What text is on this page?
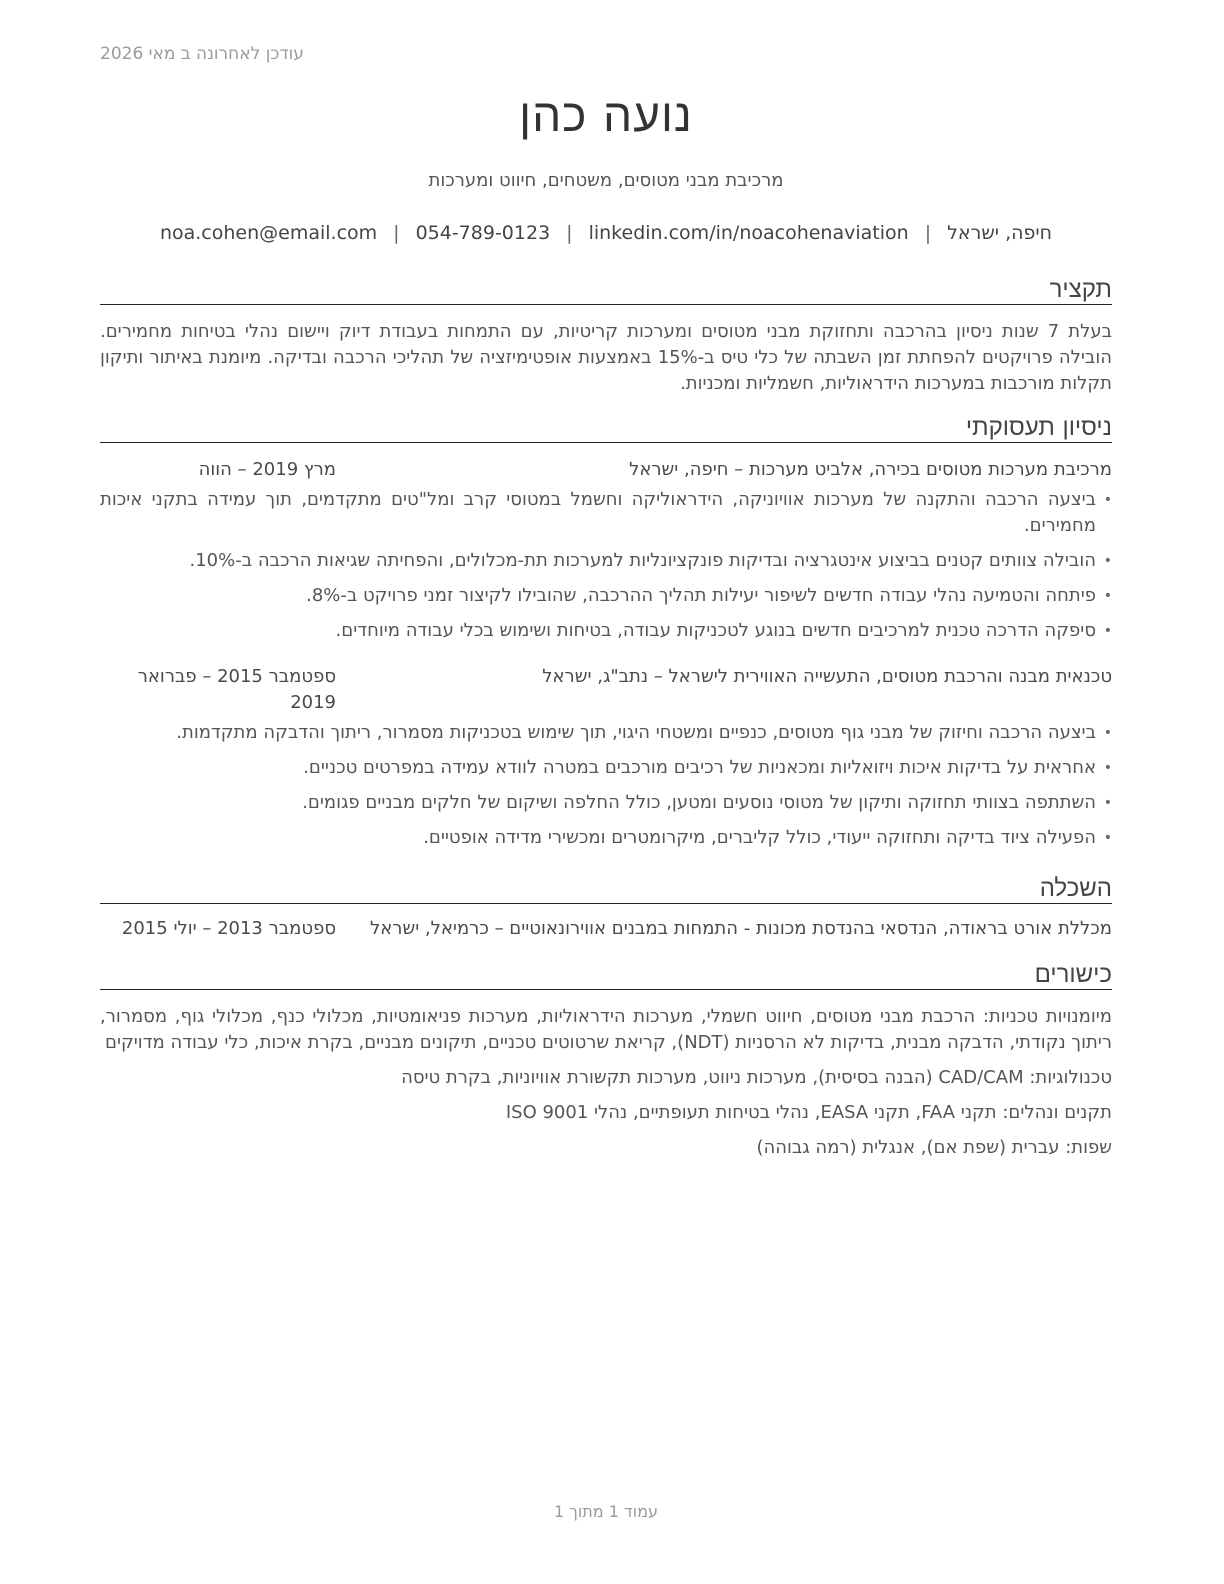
עודכן לאחרונה ב מאי 2026
נועה כהן
מרכיבת מבני מטוסים, משטחים, חיווט ומערכות
חיפה, ישראל|noa.cohen@email.com | 054-789-0123 | linkedin.com/in/noacohenaviation
תקציר
בעלת 7 שנות ניסיון בהרכבה ותחזוקת מבני מטוסים ומערכות קריטיות, עם התמחות בעבודת דיוק ויישום נהלי בטיחות מחמירים. הובילה פרויקטים להפחתת זמן השבתה של כלי טיס ב-15% באמצעות אופטימיזציה של תהליכי הרכבה ובדיקה. מיומנת באיתור ותיקון תקלות מורכבות במערכות הידראוליות, חשמליות ומכניות.
ניסיון תעסוקתי
מרכיבת מערכות מטוסים בכירה, אלביט מערכות – חיפה, ישראל
מרץ 2019 – הווה
• ביצעה הרכבה והתקנה של מערכות אוויוניקה, הידראוליקה וחשמל במטוסי קרב ומל"טים מתקדמים, תוך עמידה בתקני איכות מחמירים.
• הובילה צוותים קטנים בביצוע אינטגרציה ובדיקות פונקציונליות למערכות תת-מכלולים, והפחיתה שגיאות הרכבה ב-10%.
• פיתחה והטמיעה נהלי עבודה חדשים לשיפור יעילות תהליך ההרכבה, שהובילו לקיצור זמני פרויקט ב-8%.
• סיפקה הדרכה טכנית למרכיבים חדשים בנוגע לטכניקות עבודה, בטיחות ושימוש בכלי עבודה מיוחדים.
טכנאית מבנה והרכבת מטוסים, התעשייה האווירית לישראל – נתב"ג, ישראל
ספטמבר 2015 – פברואר 2019
• ביצעה הרכבה וחיזוק של מבני גוף מטוסים, כנפיים ומשטחי היגוי, תוך שימוש בטכניקות מסמרור, ריתוך והדבקה מתקדמות.
• אחראית על בדיקות איכות ויזואליות ומכאניות של רכיבים מורכבים במטרה לוודא עמידה במפרטים טכניים.
• השתתפה בצוותי תחזוקה ותיקון של מטוסי נוסעים ומטען, כולל החלפה ושיקום של חלקים מבניים פגומים.
• הפעילה ציוד בדיקה ותחזוקה ייעודי, כולל קליברים, מיקרומטרים ומכשירי מדידה אופטיים.
השכלה
מכללת אורט בראודה, הנדסאי בהנדסת מכונות - התמחות במבנים אווירונאוטיים – כרמיאל, ישראל
ספטמבר 2013 – יולי 2015
כישורים
מיומנויות טכניות: הרכבת מבני מטוסים, חיווט חשמלי, מערכות הידראוליות, מערכות פניאומטיות, מכלולי כנף, מכלולי גוף, מסמרור, ריתוך נקודתי, הדבקה מבנית, בדיקות לא הרסניות (NDT), קריאת שרטוטים טכניים, תיקונים מבניים, בקרת איכות, כלי עבודה מדויקים
טכנולוגיות: CAD/CAM (הבנה בסיסית), מערכות ניווט, מערכות תקשורת אוויוניות, בקרת טיסה
תקנים ונהלים: תקני FAA, תקני EASA, נהלי בטיחות תעופתיים, נהלי ISO 9001
שפות: עברית (שפת אם), אנגלית (רמה גבוהה)
עמוד 1 מתוך 1
